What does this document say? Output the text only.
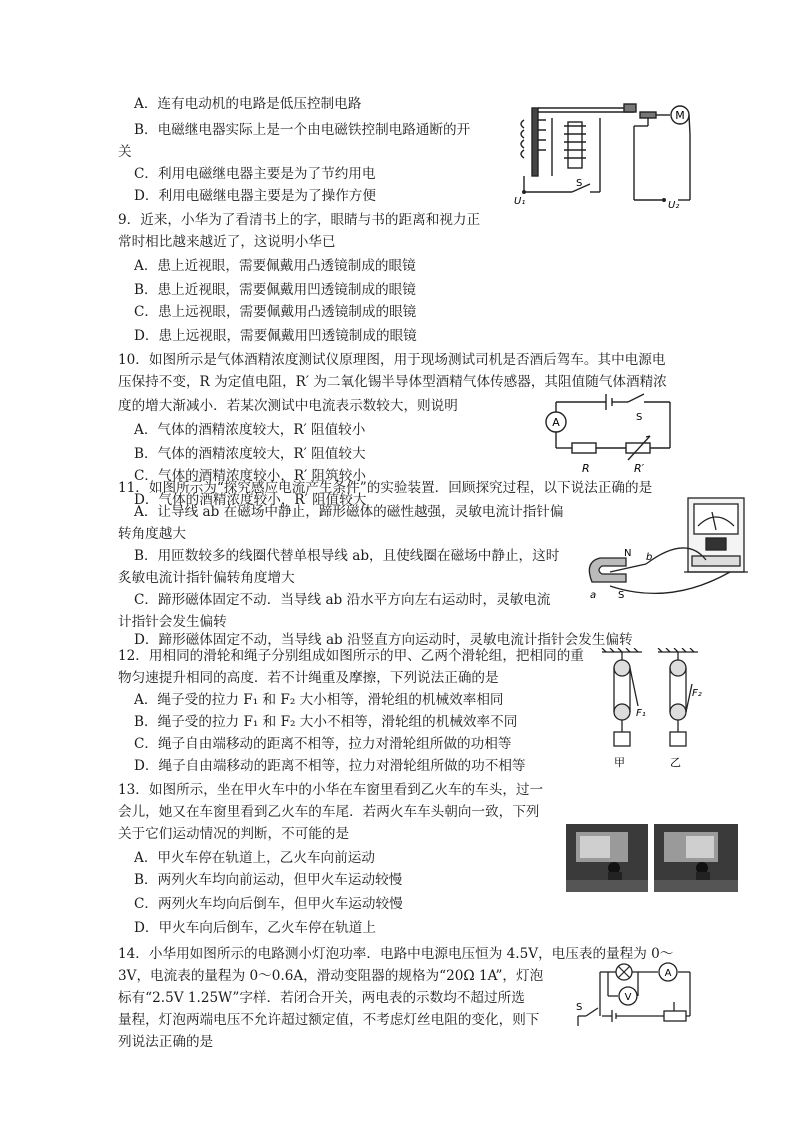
A．连有电动机的电路是低压控制电路
B．电磁继电器实际上是一个由电磁铁控制电路通断的开
关
C．利用电磁继电器主要是为了节约用电
D．利用电磁继电器主要是为了操作方便
M
S
U₁	U₂
9．近来，小华为了看清书上的字，眼睛与书的距离和视力正
常时相比越来越近了，这说明小华已
A．患上近视眼，需要佩戴用凸透镜制成的眼镜
B．患上近视眼，需要佩戴用凹透镜制成的眼镜
C．患上远视眼，需要佩戴用凸透镜制成的眼镜
D．患上远视眼，需要佩戴用凹透镜制成的眼镜
10．如图所示是气体酒精浓度测试仪原理图，用于现场测试司机是否酒后驾车。其中电源电
压保持不变，R 为定值电阻，R′ 为二氧化锡半导体型酒精气体传感器，其阻值随气体酒精浓
度的增大渐减小．若某次测试中电流表示数较大，则说明
A．气体的酒精浓度较大，R′ 阻值较小
B．气体的酒精浓度较大，R′ 阻值较大
C．气体的酒精浓度较小，R′ 阻筑较小
D．气体的酒精浓度较小，R′ 阻值较大
A	S
R	R′
11．如图所示为“探究感应电流产生条件”的实验装置．回顾探究过程，以下说法正确的是
A．让导线 ab 在磁场中静止，蹄形磁体的磁性越强，灵敏电流计指针偏
转角度越大
B．用匝数较多的线圈代替单根导线 ab，且使线圈在磁场中静止，这时
炙敏电流计指针偏转角度增大
C．蹄形磁体固定不动．当导线 ab 沿水平方向左右运动时，灵敏电流
计指针会发生偏转
D．蹄形磁体固定不动，当导线 ab 沿竖直方向运动时，灵敏电流计指针会发生偏转
N
S
a
b
12．用相同的滑轮和绳子分别组成如图所示的甲、乙两个滑轮组，把相同的重
物匀速提升相同的高度．若不计绳重及摩擦，下列说法正确的是
A．绳子受的拉力 F₁ 和 F₂ 大小相等，滑轮组的机械效率相同
B．绳子受的拉力 F₁ 和 F₂ 大小不相等，滑轮组的机械效率不同
C．绳子自由端移动的距离不相等，拉力对滑轮组所做的功相等
D．绳子自由端移动的距离不相等，拉力对滑轮组所做的功不相等
F₁
F₂
甲	乙
13．如图所示，坐在甲火车中的小华在车窗里看到乙火车的车头，过一
会儿，她又在车窗里看到乙火车的车尾．若两火车车头朝向一致，下列
关于它们运动情况的判断，不可能的是
A．甲火车停在轨道上，乙火车向前运动
B．两列火车均向前运动，但甲火车运动较慢
C．两列火车均向后倒车，但甲火车运动较慢
D．甲火车向后倒车，乙火车停在轨道上
14．小华用如图所示的电路测小灯泡功率．电路中电源电压恒为 4.5V，电压表的量程为 0～
3V，电流表的量程为 0～0.6A，滑动变阻器的规格为“20Ω 1A”，灯泡
标有“2.5V 1.25W”字样．若闭合开关，两电表的示数均不超过所选
量程，灯泡两端电压不允许超过额定值，不考虑灯丝电阻的变化，则下
列说法正确的是
A
V
S
